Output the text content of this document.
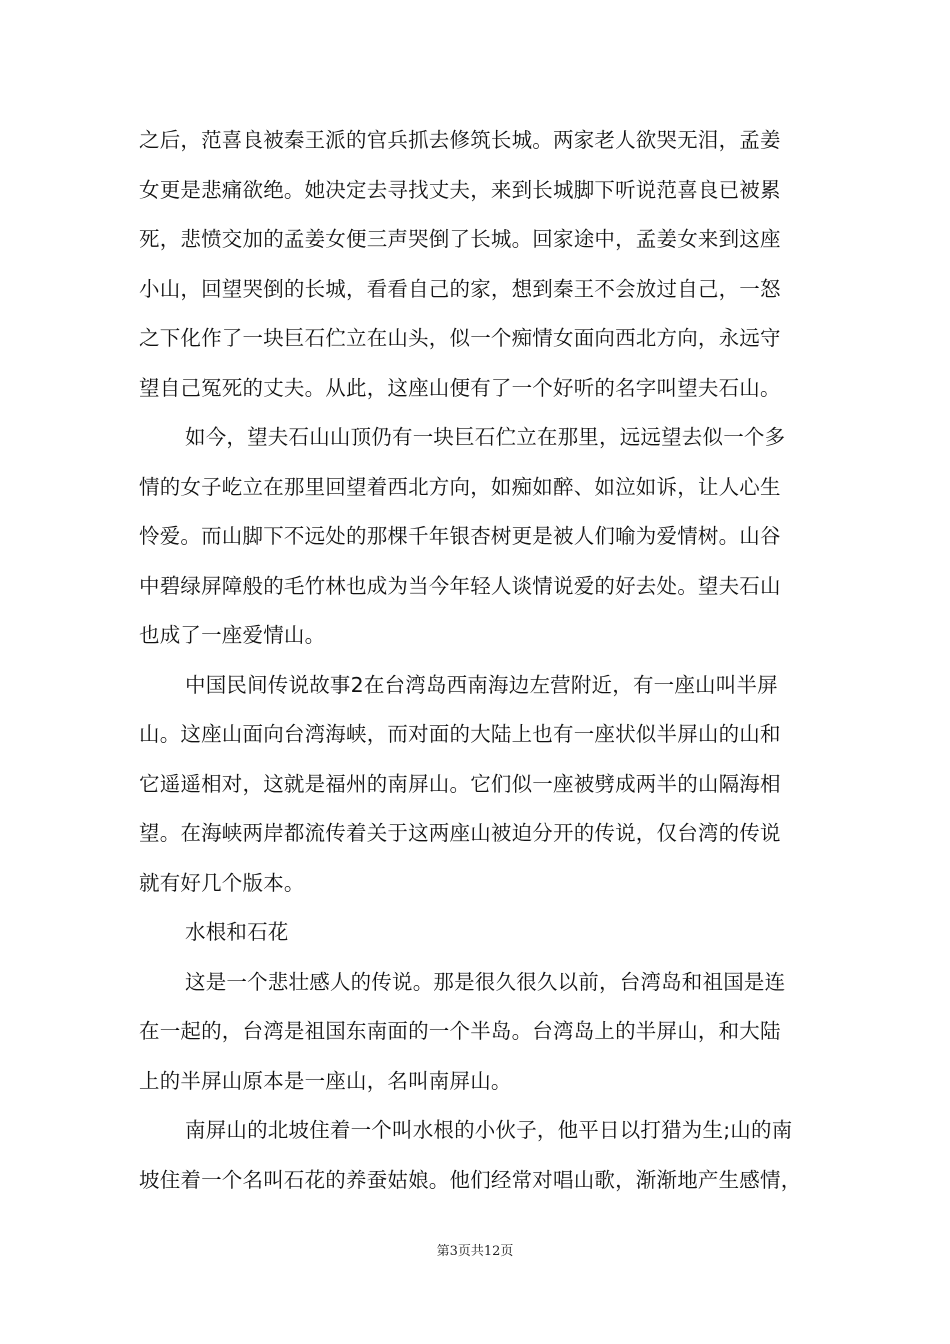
之后，范喜良被秦王派的官兵抓去修筑长城。两家老人欲哭无泪，孟姜
女更是悲痛欲绝。她决定去寻找丈夫，来到长城脚下听说范喜良已被累
死，悲愤交加的孟姜女便三声哭倒了长城。回家途中，孟姜女来到这座
小山，回望哭倒的长城，看看自己的家，想到秦王不会放过自己，一怒
之下化作了一块巨石伫立在山头，似一个痴情女面向西北方向，永远守
望自己冤死的丈夫。从此，这座山便有了一个好听的名字叫望夫石山。
如今，望夫石山山顶仍有一块巨石伫立在那里，远远望去似一个多
情的女子屹立在那里回望着西北方向，如痴如醉、如泣如诉，让人心生
怜爱。而山脚下不远处的那棵千年银杏树更是被人们喻为爱情树。山谷
中碧绿屏障般的毛竹林也成为当今年轻人谈情说爱的好去处。望夫石山
也成了一座爱情山。
中国民间传说故事2在台湾岛西南海边左营附近，有一座山叫半屏
山。这座山面向台湾海峡，而对面的大陆上也有一座状似半屏山的山和
它遥遥相对，这就是福州的南屏山。它们似一座被劈成两半的山隔海相
望。在海峡两岸都流传着关于这两座山被迫分开的传说，仅台湾的传说
就有好几个版本。
水根和石花
这是一个悲壮感人的传说。那是很久很久以前，台湾岛和祖国是连
在一起的，台湾是祖国东南面的一个半岛。台湾岛上的半屏山，和大陆
上的半屏山原本是一座山，名叫南屏山。
南屏山的北坡住着一个叫水根的小伙子，他平日以打猎为生;山的南
坡住着一个名叫石花的养蚕姑娘。他们经常对唱山歌，渐渐地产生感情，
第3页共12页
